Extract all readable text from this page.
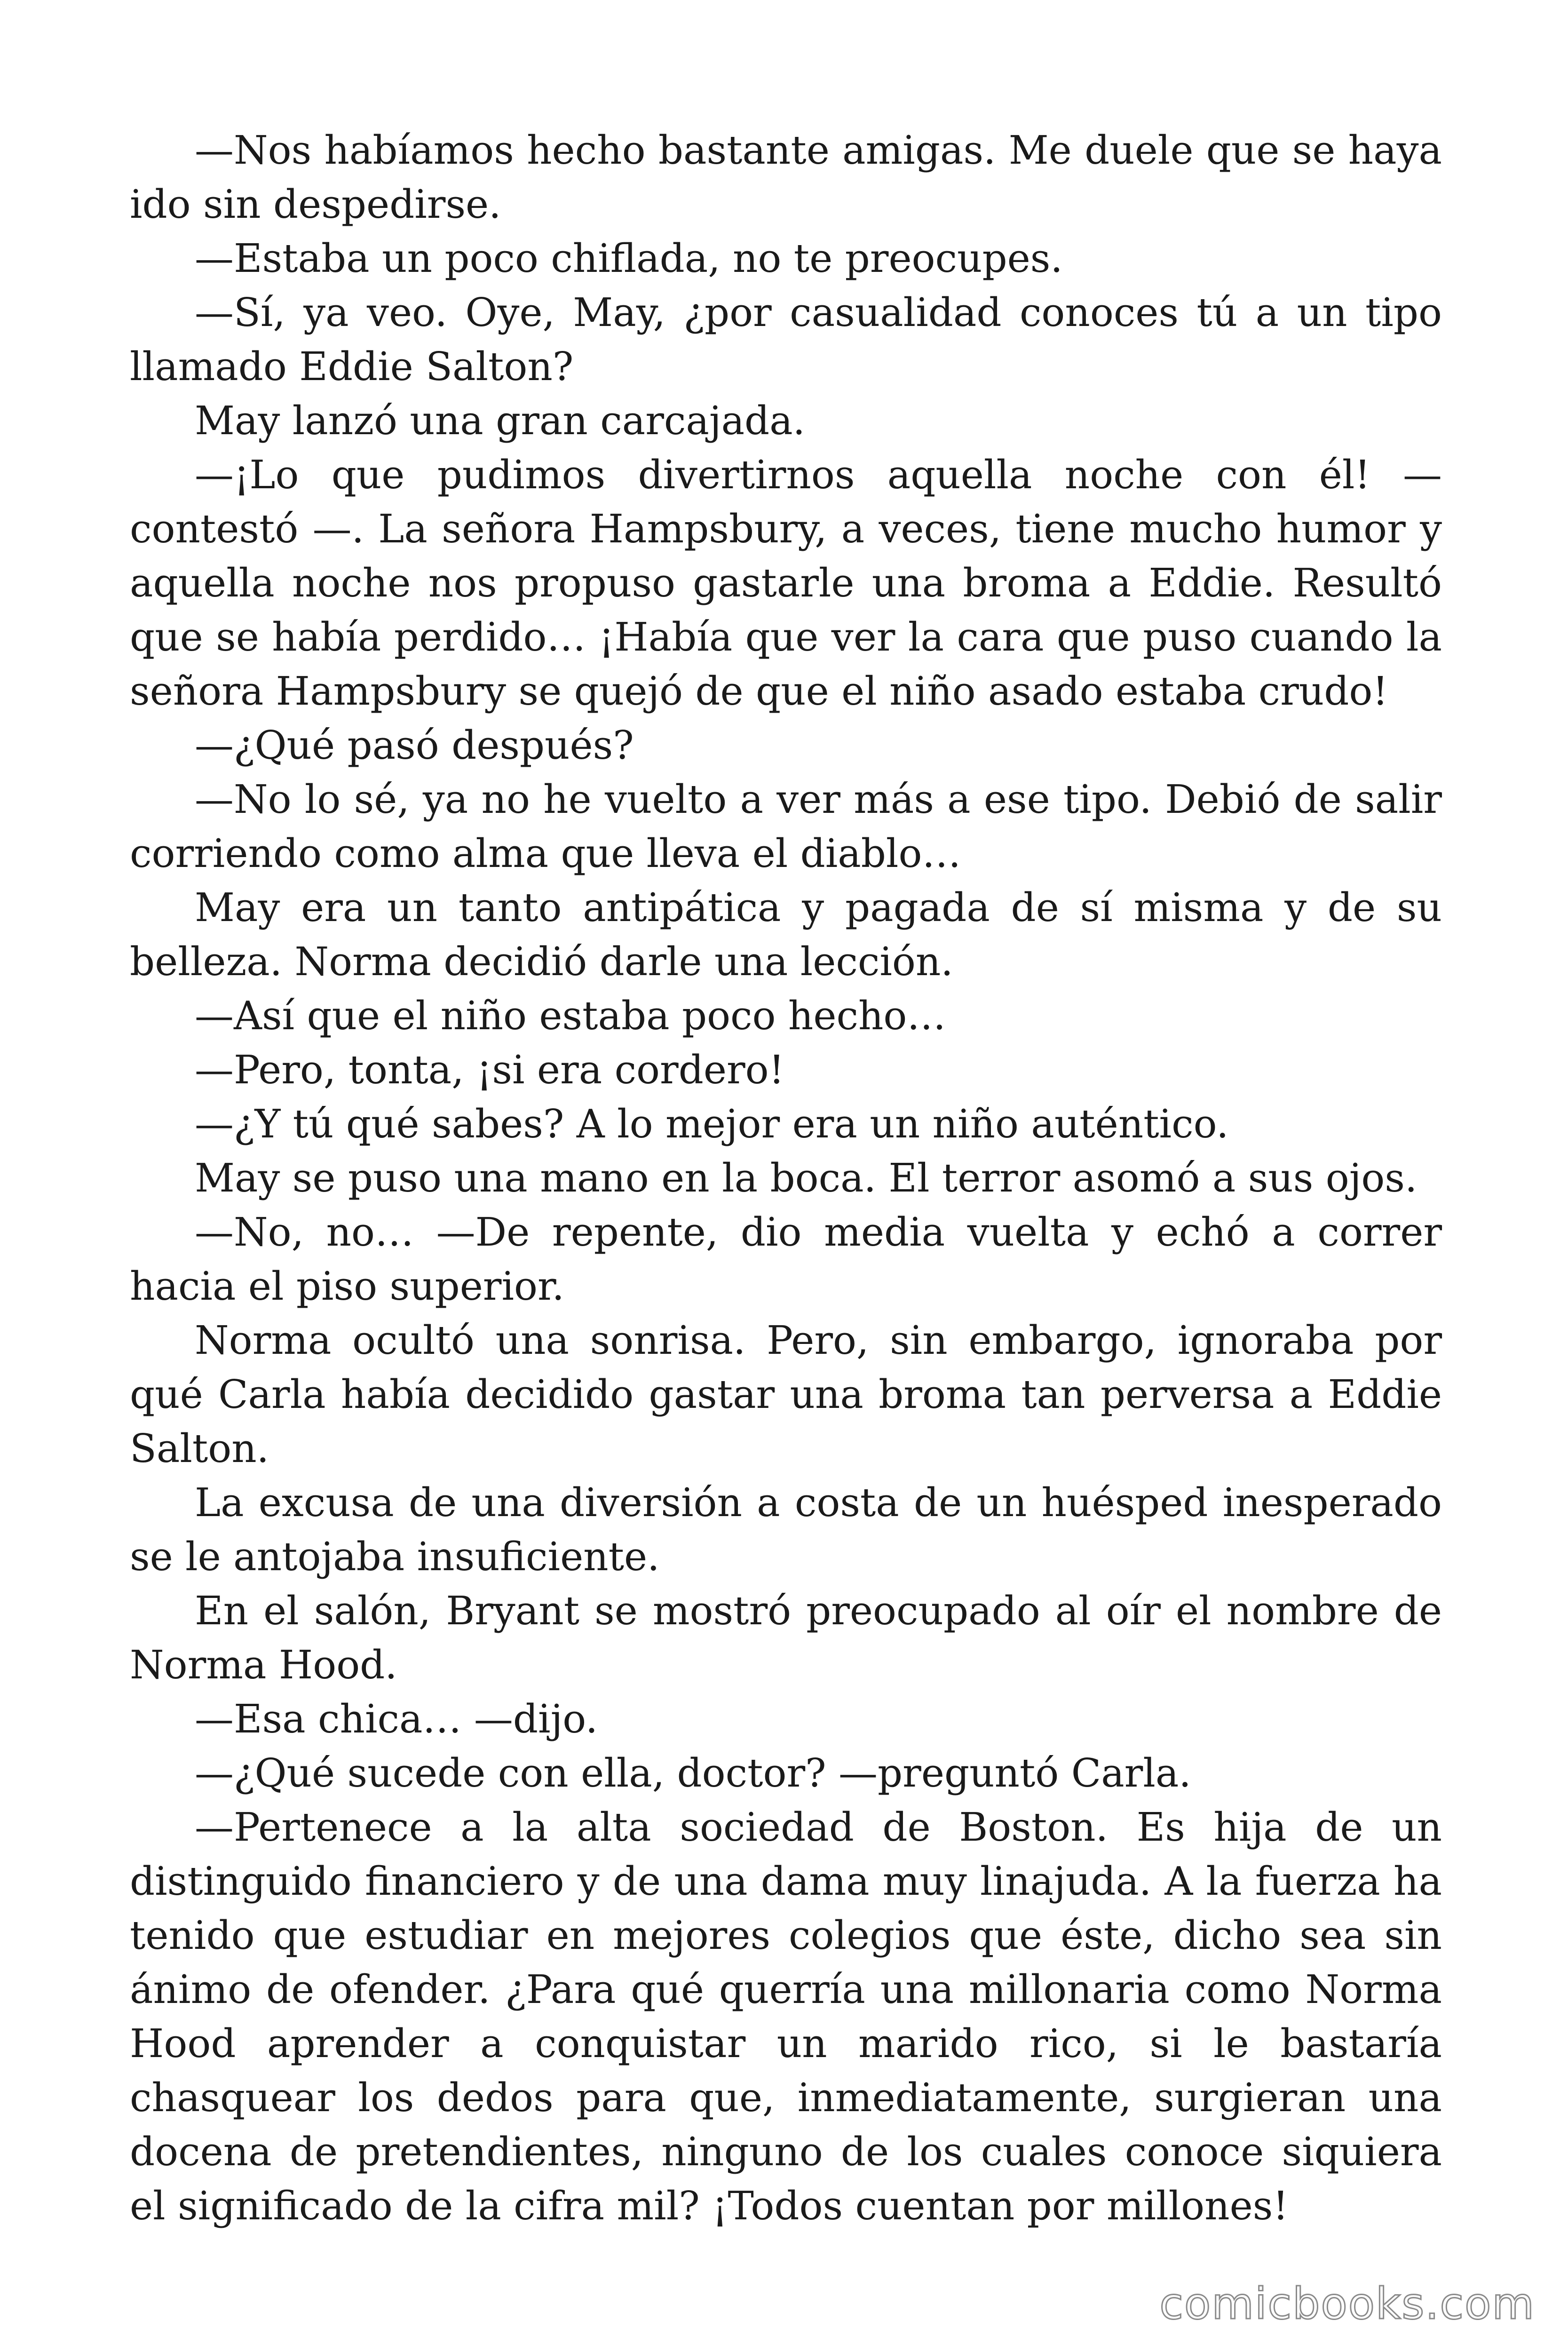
—Nos habíamos hecho bastante amigas. Me duele que se haya ido sin despedirse.

—Estaba un poco chiflada, no te preocupes.

—Sí, ya veo. Oye, May, ¿por casualidad conoces tú a un tipo llamado Eddie Salton?

May lanzó una gran carcajada.

—¡Lo que pudimos divertirnos aquella noche con él! —contestó —. La señora Hampsbury, a veces, tiene mucho humor y aquella noche nos propuso gastarle una broma a Eddie. Resultó que se había perdido… ¡Había que ver la cara que puso cuando la señora Hampsbury se quejó de que el niño asado estaba crudo!

—¿Qué pasó después?

—No lo sé, ya no he vuelto a ver más a ese tipo. Debió de salir corriendo como alma que lleva el diablo…

May era un tanto antipática y pagada de sí misma y de su belleza. Norma decidió darle una lección.

—Así que el niño estaba poco hecho…

—Pero, tonta, ¡si era cordero!

—¿Y tú qué sabes? A lo mejor era un niño auténtico.

May se puso una mano en la boca. El terror asomó a sus ojos.

—No, no… —De repente, dio media vuelta y echó a correr hacia el piso superior.

Norma ocultó una sonrisa. Pero, sin embargo, ignoraba por qué Carla había decidido gastar una broma tan perversa a Eddie Salton.

La excusa de una diversión a costa de un huésped inesperado se le antojaba insuficiente.

En el salón, Bryant se mostró preocupado al oír el nombre de Norma Hood.

—Esa chica… —dijo.

—¿Qué sucede con ella, doctor? —preguntó Carla.

—Pertenece a la alta sociedad de Boston. Es hija de un distinguido financiero y de una dama muy linajuda. A la fuerza ha tenido que estudiar en mejores colegios que éste, dicho sea sin ánimo de ofender. ¿Para qué querría una millonaria como Norma Hood aprender a conquistar un marido rico, si le bastaría chasquear los dedos para que, inmediatamente, surgieran una docena de pretendientes, ninguno de los cuales conoce siquiera el significado de la cifra mil? ¡Todos cuentan por millones!

comicbooks.com
